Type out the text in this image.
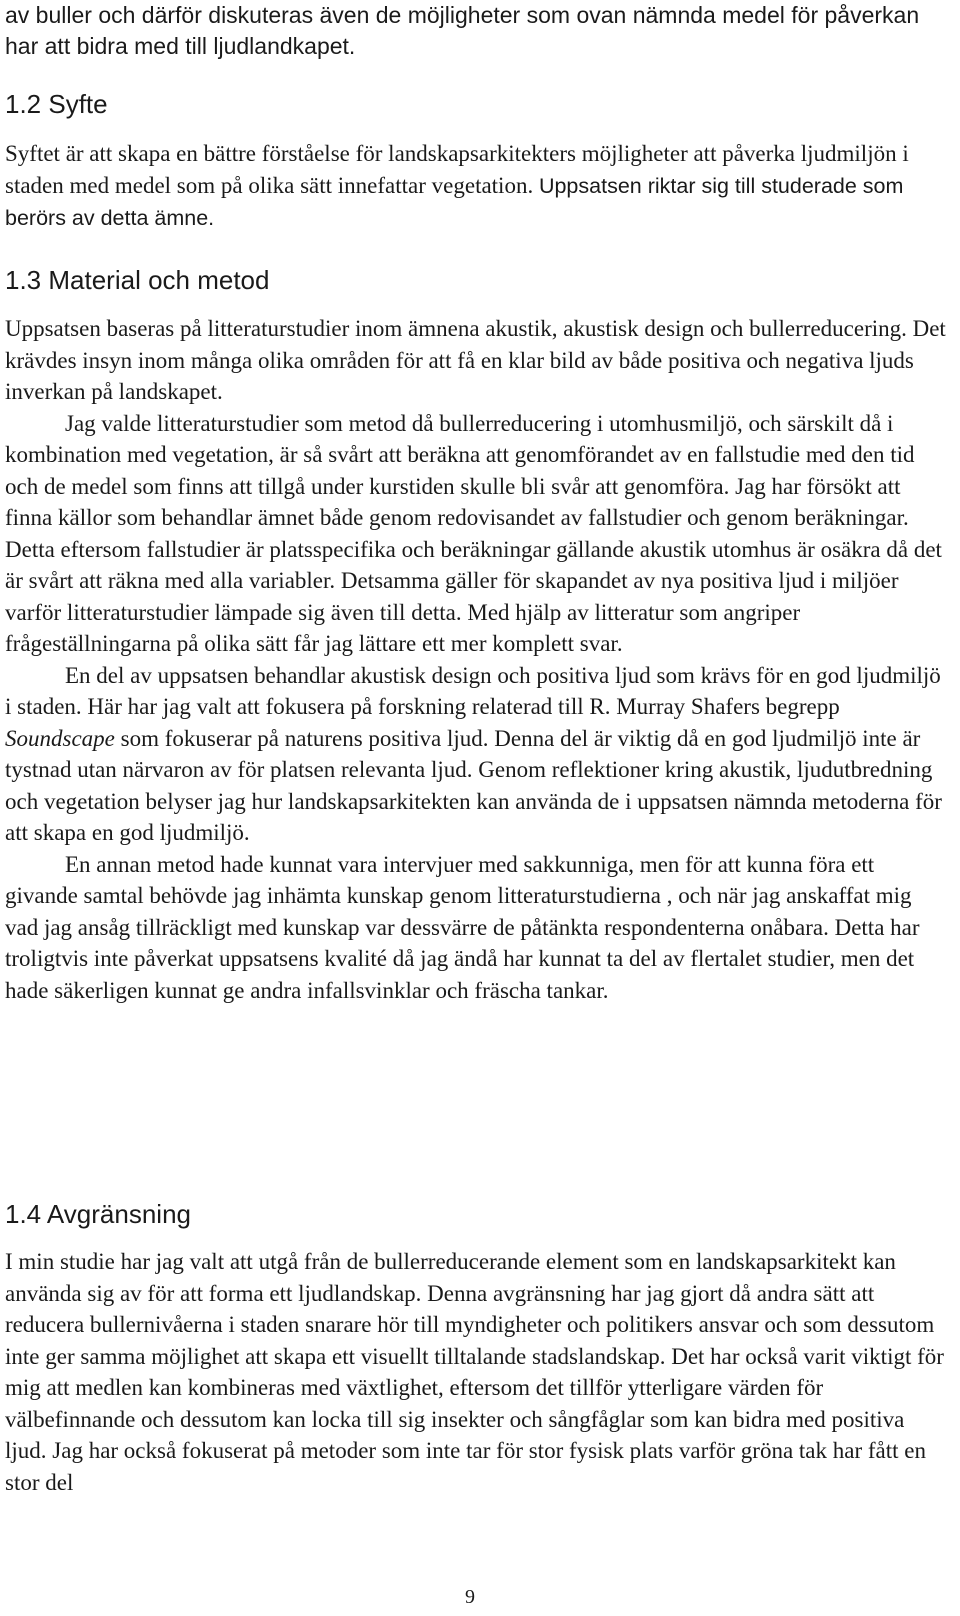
av buller och därför diskuteras även de möjligheter som ovan nämnda medel för påverkan har att bidra med till ljudlandkapet.

1.2 Syfte

Syftet är att skapa en bättre förståelse för landskapsarkitekters möjligheter att påverka ljudmiljön i staden med medel som på olika sätt innefattar vegetation. Uppsatsen riktar sig till studerade som berörs av detta ämne.

1.3 Material och metod

Uppsatsen baseras på litteraturstudier inom ämnena akustik, akustisk design och bullerreducering. Det krävdes insyn inom många olika områden för att få en klar bild av både positiva och negativa ljuds inverkan på landskapet.

Jag valde litteraturstudier som metod då bullerreducering i utomhusmiljö, och särskilt då i kombination med vegetation, är så svårt att beräkna att genomförandet av en fallstudie med den tid och de medel som finns att tillgå under kurstiden skulle bli svår att genomföra. Jag har försökt att finna källor som behandlar ämnet både genom redovisandet av fallstudier och genom beräkningar. Detta eftersom fallstudier är platsspecifika och beräkningar gällande akustik utomhus är osäkra då det är svårt att räkna med alla variabler. Detsamma gäller för skapandet av nya positiva ljud i miljöer varför litteraturstudier lämpade sig även till detta. Med hjälp av litteratur som angriper frågeställningarna på olika sätt får jag lättare ett mer komplett svar.

En del av uppsatsen behandlar akustisk design och positiva ljud som krävs för en god ljudmiljö i staden. Här har jag valt att fokusera på forskning relaterad till R. Murray Shafers begrepp Soundscape som fokuserar på naturens positiva ljud. Denna del är viktig då en god ljudmiljö inte är tystnad utan närvaron av för platsen relevanta ljud. Genom reflektioner kring akustik, ljudutbredning och vegetation belyser jag hur landskapsarkitekten kan använda de i uppsatsen nämnda metoderna för att skapa en god ljudmiljö.

En annan metod hade kunnat vara intervjuer med sakkunniga, men för att kunna föra ett givande samtal behövde jag inhämta kunskap genom litteraturstudierna , och när jag anskaffat mig vad jag ansåg tillräckligt med kunskap var dessvärre de påtänkta respondenterna onåbara. Detta har troligtvis inte påverkat uppsatsens kvalité då jag ändå har kunnat ta del av flertalet studier, men det hade säkerligen kunnat ge andra infallsvinklar och fräscha tankar.

1.4 Avgränsning

I min studie har jag valt att utgå från de bullerreducerande element som en landskapsarkitekt kan använda sig av för att forma ett ljudlandskap. Denna avgränsning har jag gjort då andra sätt att reducera bullernivåerna i staden snarare hör till myndigheter och politikers ansvar och som dessutom inte ger samma möjlighet att skapa ett visuellt tilltalande stadslandskap. Det har också varit viktigt för mig att medlen kan kombineras med växtlighet, eftersom det tillför ytterligare värden för välbefinnande och dessutom kan locka till sig insekter och sångfåglar som kan bidra med positiva ljud. Jag har också fokuserat på metoder som inte tar för stor fysisk plats varför gröna tak har fått en stor del

9
